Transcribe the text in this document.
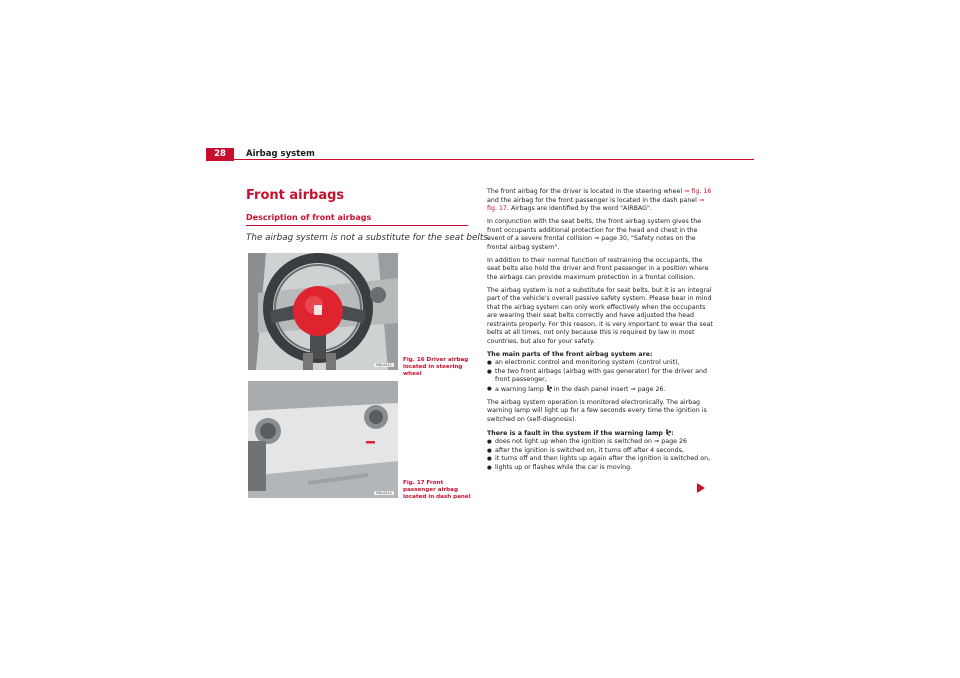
28	Airbag system
Front airbags
Description of front airbags

The airbag system is not a substitute for the seat belts.

B6J-0411
Fig. 16 Driver airbag located in steering wheel
B6J-0412
Fig. 17 Front passenger airbag located in dash panel

The front airbag for the driver is located in the steering wheel ⇒ fig. 16 and the airbag for the front passenger is located in the dash panel ⇒ fig. 17. Airbags are identified by the word "AIRBAG".

In conjunction with the seat belts, the front airbag system gives the front occupants additional protection for the head and chest in the event of a severe frontal collision ⇒ page 30, "Safety notes on the frontal airbag system".

In addition to their normal function of restraining the occupants, the seat belts also hold the driver and front passenger in a position where the airbags can provide maximum protection in a frontal collision.

The airbag system is not a substitute for seat belts, but it is an integral part of the vehicle's overall passive safety system. Please bear in mind that the airbag system can only work effectively when the occupants are wearing their seat belts correctly and have adjusted the head restraints properly. For this reason, it is very important to wear the seat belts at all times, not only because this is required by law in most countries, but also for your safety.

The main parts of the front airbag system are:

● an electronic control and monitoring system (control unit),
● the two front airbags (airbag with gas generator) for the driver and front passenger,
● a warning lamp  in the dash panel insert ⇒ page 26.

The airbag system operation is monitored electronically. The airbag warning lamp will light up for a few seconds every time the ignition is switched on (self-diagnosis).

There is a fault in the system if the warning lamp :

● does not light up when the ignition is switched on ⇒ page 26
● after the ignition is switched on, it turns off after 4 seconds,
● it turns off and then lights up again after the ignition is switched on,
● lights up or flashes while the car is moving.
